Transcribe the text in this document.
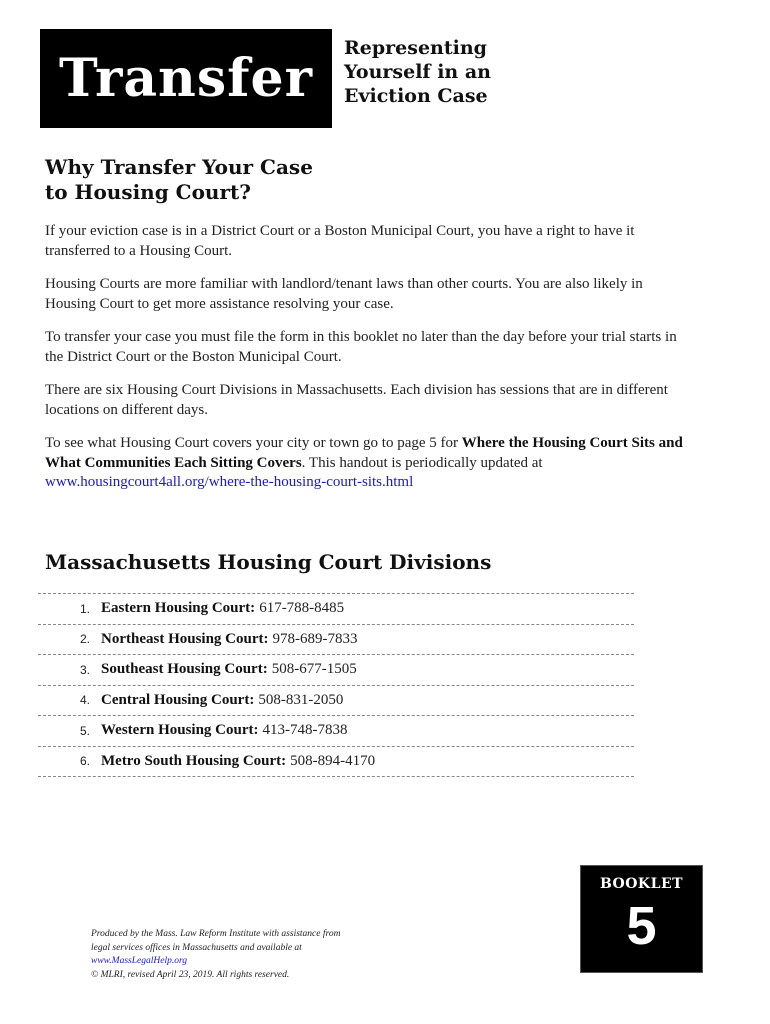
Transfer Representing
Yourself in an
Eviction Case
Why Transfer Your Case
to Housing Court?

If your eviction case is in a District Court or a Boston Municipal Court, you have a right to have it transferred to a Housing Court.

Housing Courts are more familiar with landlord/tenant laws than other courts. You are also likely in Housing Court to get more assistance resolving your case.

To transfer your case you must file the form in this booklet no later than the day before your trial starts in the District Court or the Boston Municipal Court.

There are six Housing Court Divisions in Massachusetts. Each division has sessions that are in different locations on different days.

To see what Housing Court covers your city or town go to page 5 for Where the Housing Court Sits and What Communities Each Sitting Covers. This handout is periodically updated at
www.housingcourt4all.org/where-the-housing-court-sits.html

Massachusetts Housing Court Divisions
1. Eastern Housing Court: 617-788-8485
2. Northeast Housing Court: 978-689-7833
3. Southeast Housing Court: 508-677-1505
4. Central Housing Court: 508-831-2050
5. Western Housing Court: 413-748-7838
6. Metro South Housing Court: 508-894-4170
Produced by the Mass. Law Reform Institute with assistance from
legal services offices in Massachusetts and available at
www.MassLegalHelp.org
© MLRI, revised April 23, 2019. All rights reserved.
BOOKLET
5
